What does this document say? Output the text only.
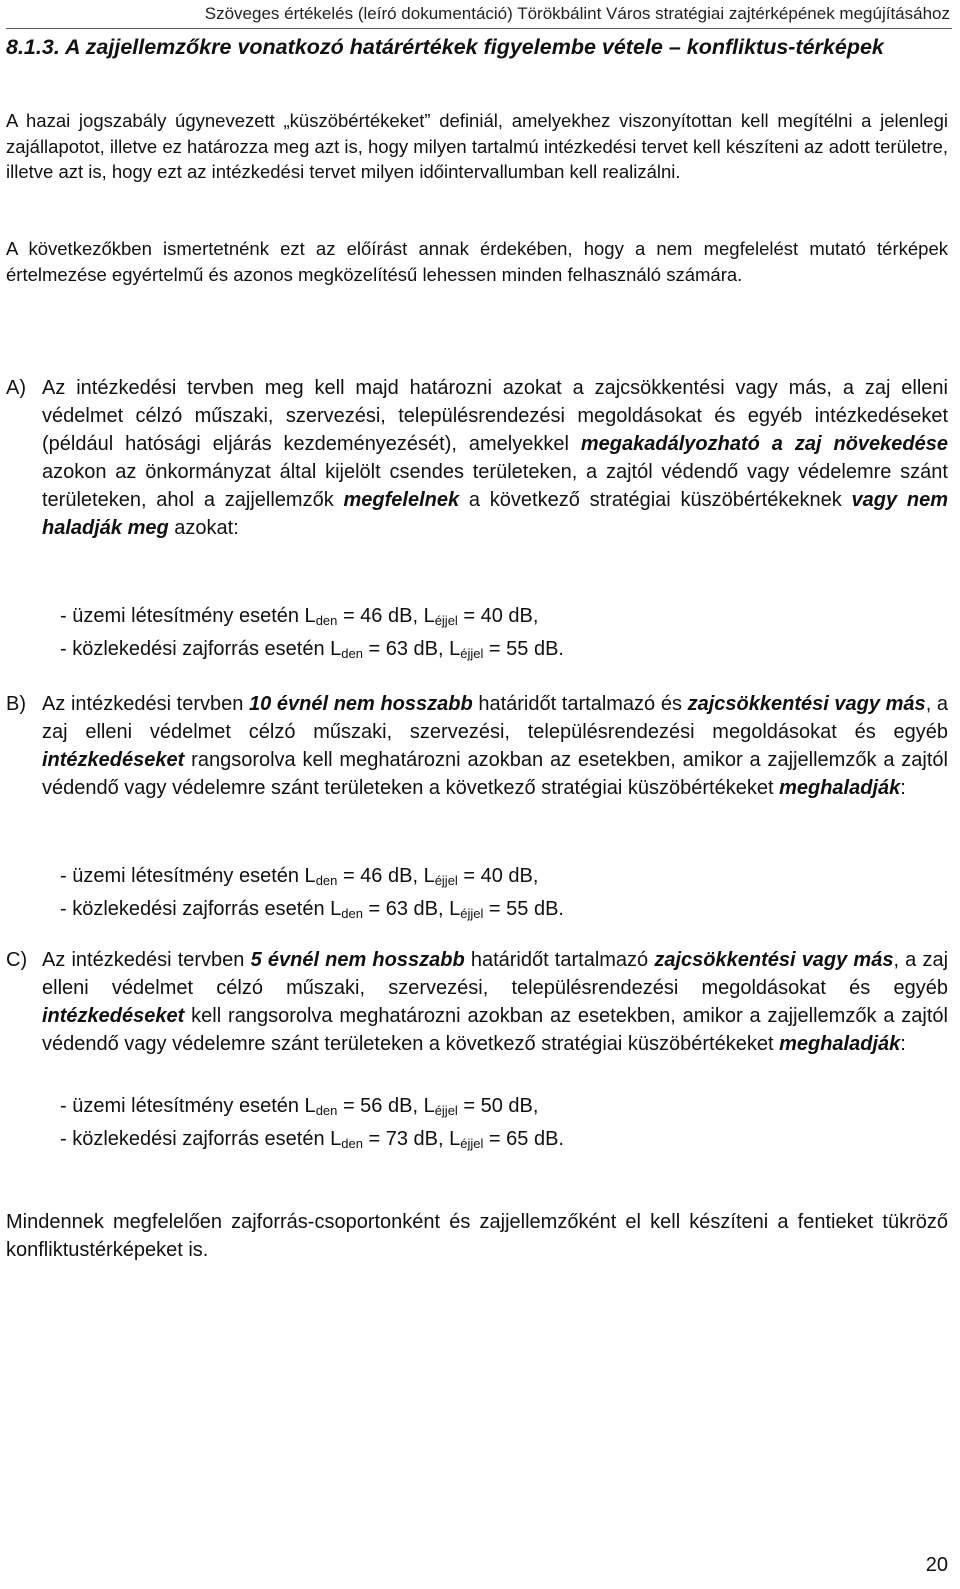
Szöveges értékelés (leíró dokumentáció) Törökbálint Város stratégiai zajtérképének megújításához
8.1.3. A zajjellemzőkre vonatkozó határértékek figyelembe vétele – konfliktus-térképek

A hazai jogszabály úgynevezett „küszöbértékeket” definiál, amelyekhez viszonyítottan kell megítélni a jelenlegi zajállapotot, illetve ez határozza meg azt is, hogy milyen tartalmú intézkedési tervet kell készíteni az adott területre, illetve azt is, hogy ezt az intézkedési tervet milyen időintervallumban kell realizálni.

A következőkben ismertetnénk ezt az előírást annak érdekében, hogy a nem megfelelést mutató térképek értelmezése egyértelmű és azonos megközelítésű lehessen minden felhasználó számára.

A) Az intézkedési tervben meg kell majd határozni azokat a zajcsökkentési vagy más, a zaj elleni védelmet célzó műszaki, szervezési, településrendezési megoldásokat és egyéb intézkedéseket (például hatósági eljárás kezdeményezését), amelyekkel megakadályozható a zaj növekedése azokon az önkormányzat által kijelölt csendes területeken, a zajtól védendő vagy védelemre szánt területeken, ahol a zajjellemzők megfelelnek a következő stratégiai küszöbértékeknek vagy nem haladják meg azokat:
- üzemi létesítmény esetén $L_{den} = 46$ dB, $L_{éjjel} = 40$ dB,
- közlekedési zajforrás esetén $L_{den} = 63$ dB, $L_{éjjel} = 55$ dB.
B) Az intézkedési tervben 10 évnél nem hosszabb határidőt tartalmazó és zajcsökkentési vagy más, a zaj elleni védelmet célzó műszaki, szervezési, településrendezési megoldásokat és egyéb intézkedéseket rangsorolva kell meghatározni azokban az esetekben, amikor a zajjellemzők a zajtól védendő vagy védelemre szánt területeken a következő stratégiai küszöbértékeket meghaladják:
- üzemi létesítmény esetén $L_{den} = 46$ dB, $L_{éjjel} = 40$ dB,
- közlekedési zajforrás esetén $L_{den} = 63$ dB, $L_{éjjel} = 55$ dB.
C) Az intézkedési tervben 5 évnél nem hosszabb határidőt tartalmazó zajcsökkentési vagy más, a zaj elleni védelmet célzó műszaki, szervezési, településrendezési megoldásokat és egyéb intézkedéseket kell rangsorolva meghatározni azokban az esetekben, amikor a zajjellemzők a zajtól védendő vagy védelemre szánt területeken a következő stratégiai küszöbértékeket meghaladják:
- üzemi létesítmény esetén $L_{den} = 56$ dB, $L_{éjjel} = 50$ dB,
- közlekedési zajforrás esetén $L_{den} = 73$ dB, $L_{éjjel} = 65$ dB.

Mindennek megfelelően zajforrás-csoportonként és zajjellemzőként el kell készíteni a fentieket tükröző konfliktustérképeket is.

20
